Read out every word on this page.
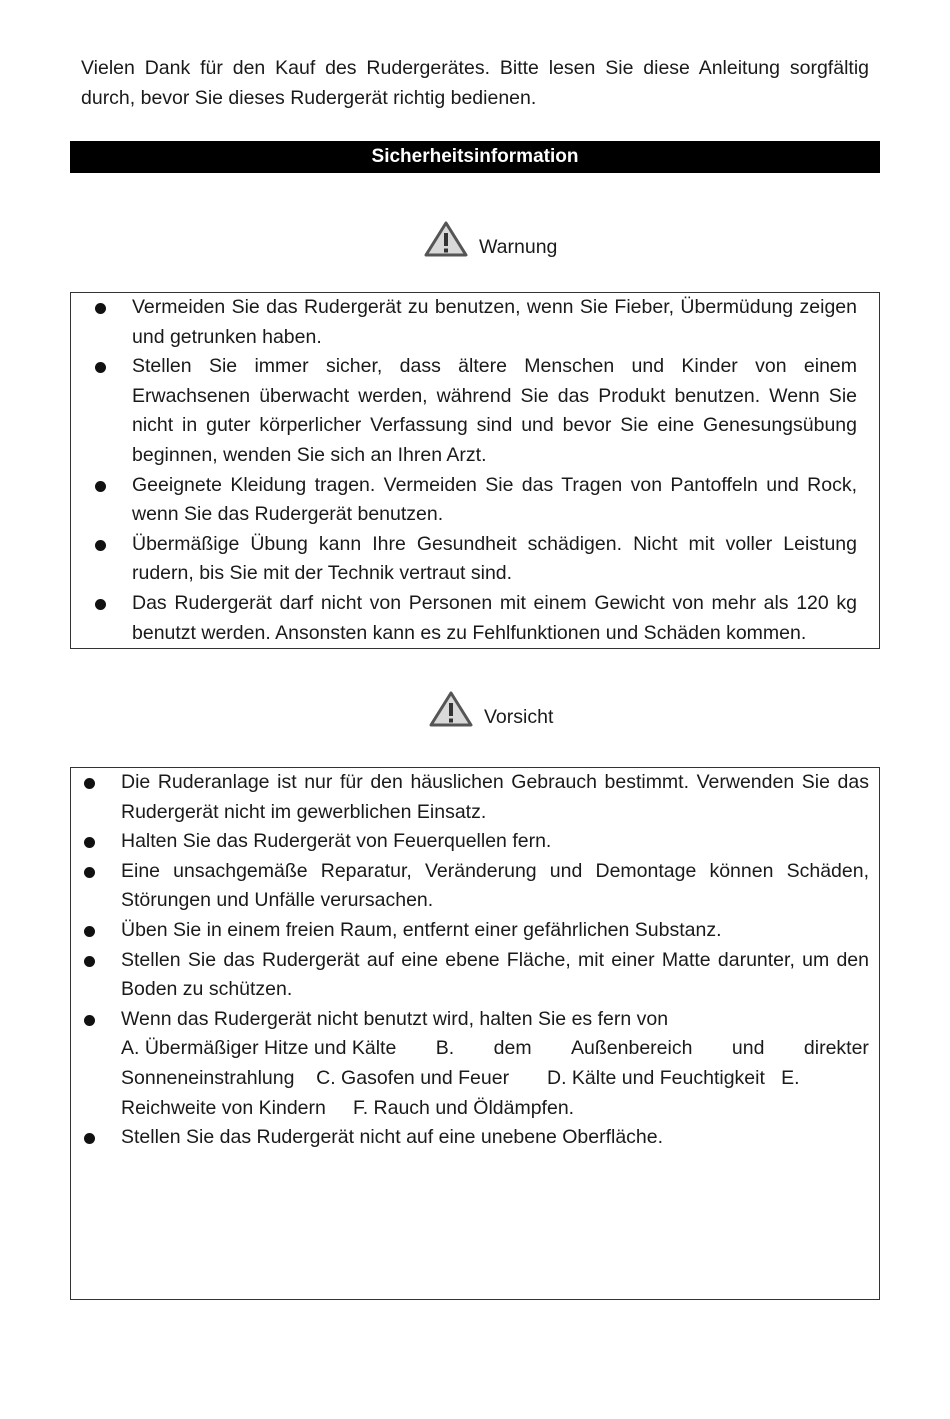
Vielen Dank für den Kauf des Rudergerätes. Bitte lesen Sie diese Anleitung sorgfältig durch, bevor Sie dieses Rudergerät richtig bedienen.

Sicherheitsinformation
Warnung
Vermeiden Sie das Rudergerät zu benutzen, wenn Sie Fieber, Übermüdung zeigen und getrunken haben.
Stellen Sie immer sicher, dass ältere Menschen und Kinder von einem Erwachsenen überwacht werden, während Sie das Produkt benutzen. Wenn Sie nicht in guter körperlicher Verfassung sind und bevor Sie eine Genesungsübung beginnen, wenden Sie sich an Ihren Arzt.
Geeignete Kleidung tragen. Vermeiden Sie das Tragen von Pantoffeln und Rock, wenn Sie das Rudergerät benutzen.
Übermäßige Übung kann Ihre Gesundheit schädigen. Nicht mit voller Leistung rudern, bis Sie mit der Technik vertraut sind.
Das Rudergerät darf nicht von Personen mit einem Gewicht von mehr als 120 kg benutzt werden. Ansonsten kann es zu Fehlfunktionen und Schäden kommen.
Vorsicht
Die Ruderanlage ist nur für den häuslichen Gebrauch bestimmt. Verwenden Sie das Rudergerät nicht im gewerblichen Einsatz.
Halten Sie das Rudergerät von Feuerquellen fern.
Eine unsachgemäße Reparatur, Veränderung und Demontage können Schäden, Störungen und Unfälle verursachen.
Üben Sie in einem freien Raum, entfernt einer gefährlichen Substanz.
Stellen Sie das Rudergerät auf eine ebene Fläche, mit einer Matte darunter, um den Boden zu schützen.
Wenn das Rudergerät nicht benutzt wird, halten Sie es fern von
A. Übermäßiger Hitze und Kälte B. dem Außenbereich und direkter
Sonneneinstrahlung    C. Gasofen und Feuer       D. Kälte und Feuchtigkeit   E.
Reichweite von Kindern     F. Rauch und Öldämpfen.
Stellen Sie das Rudergerät nicht auf eine unebene Oberfläche.
